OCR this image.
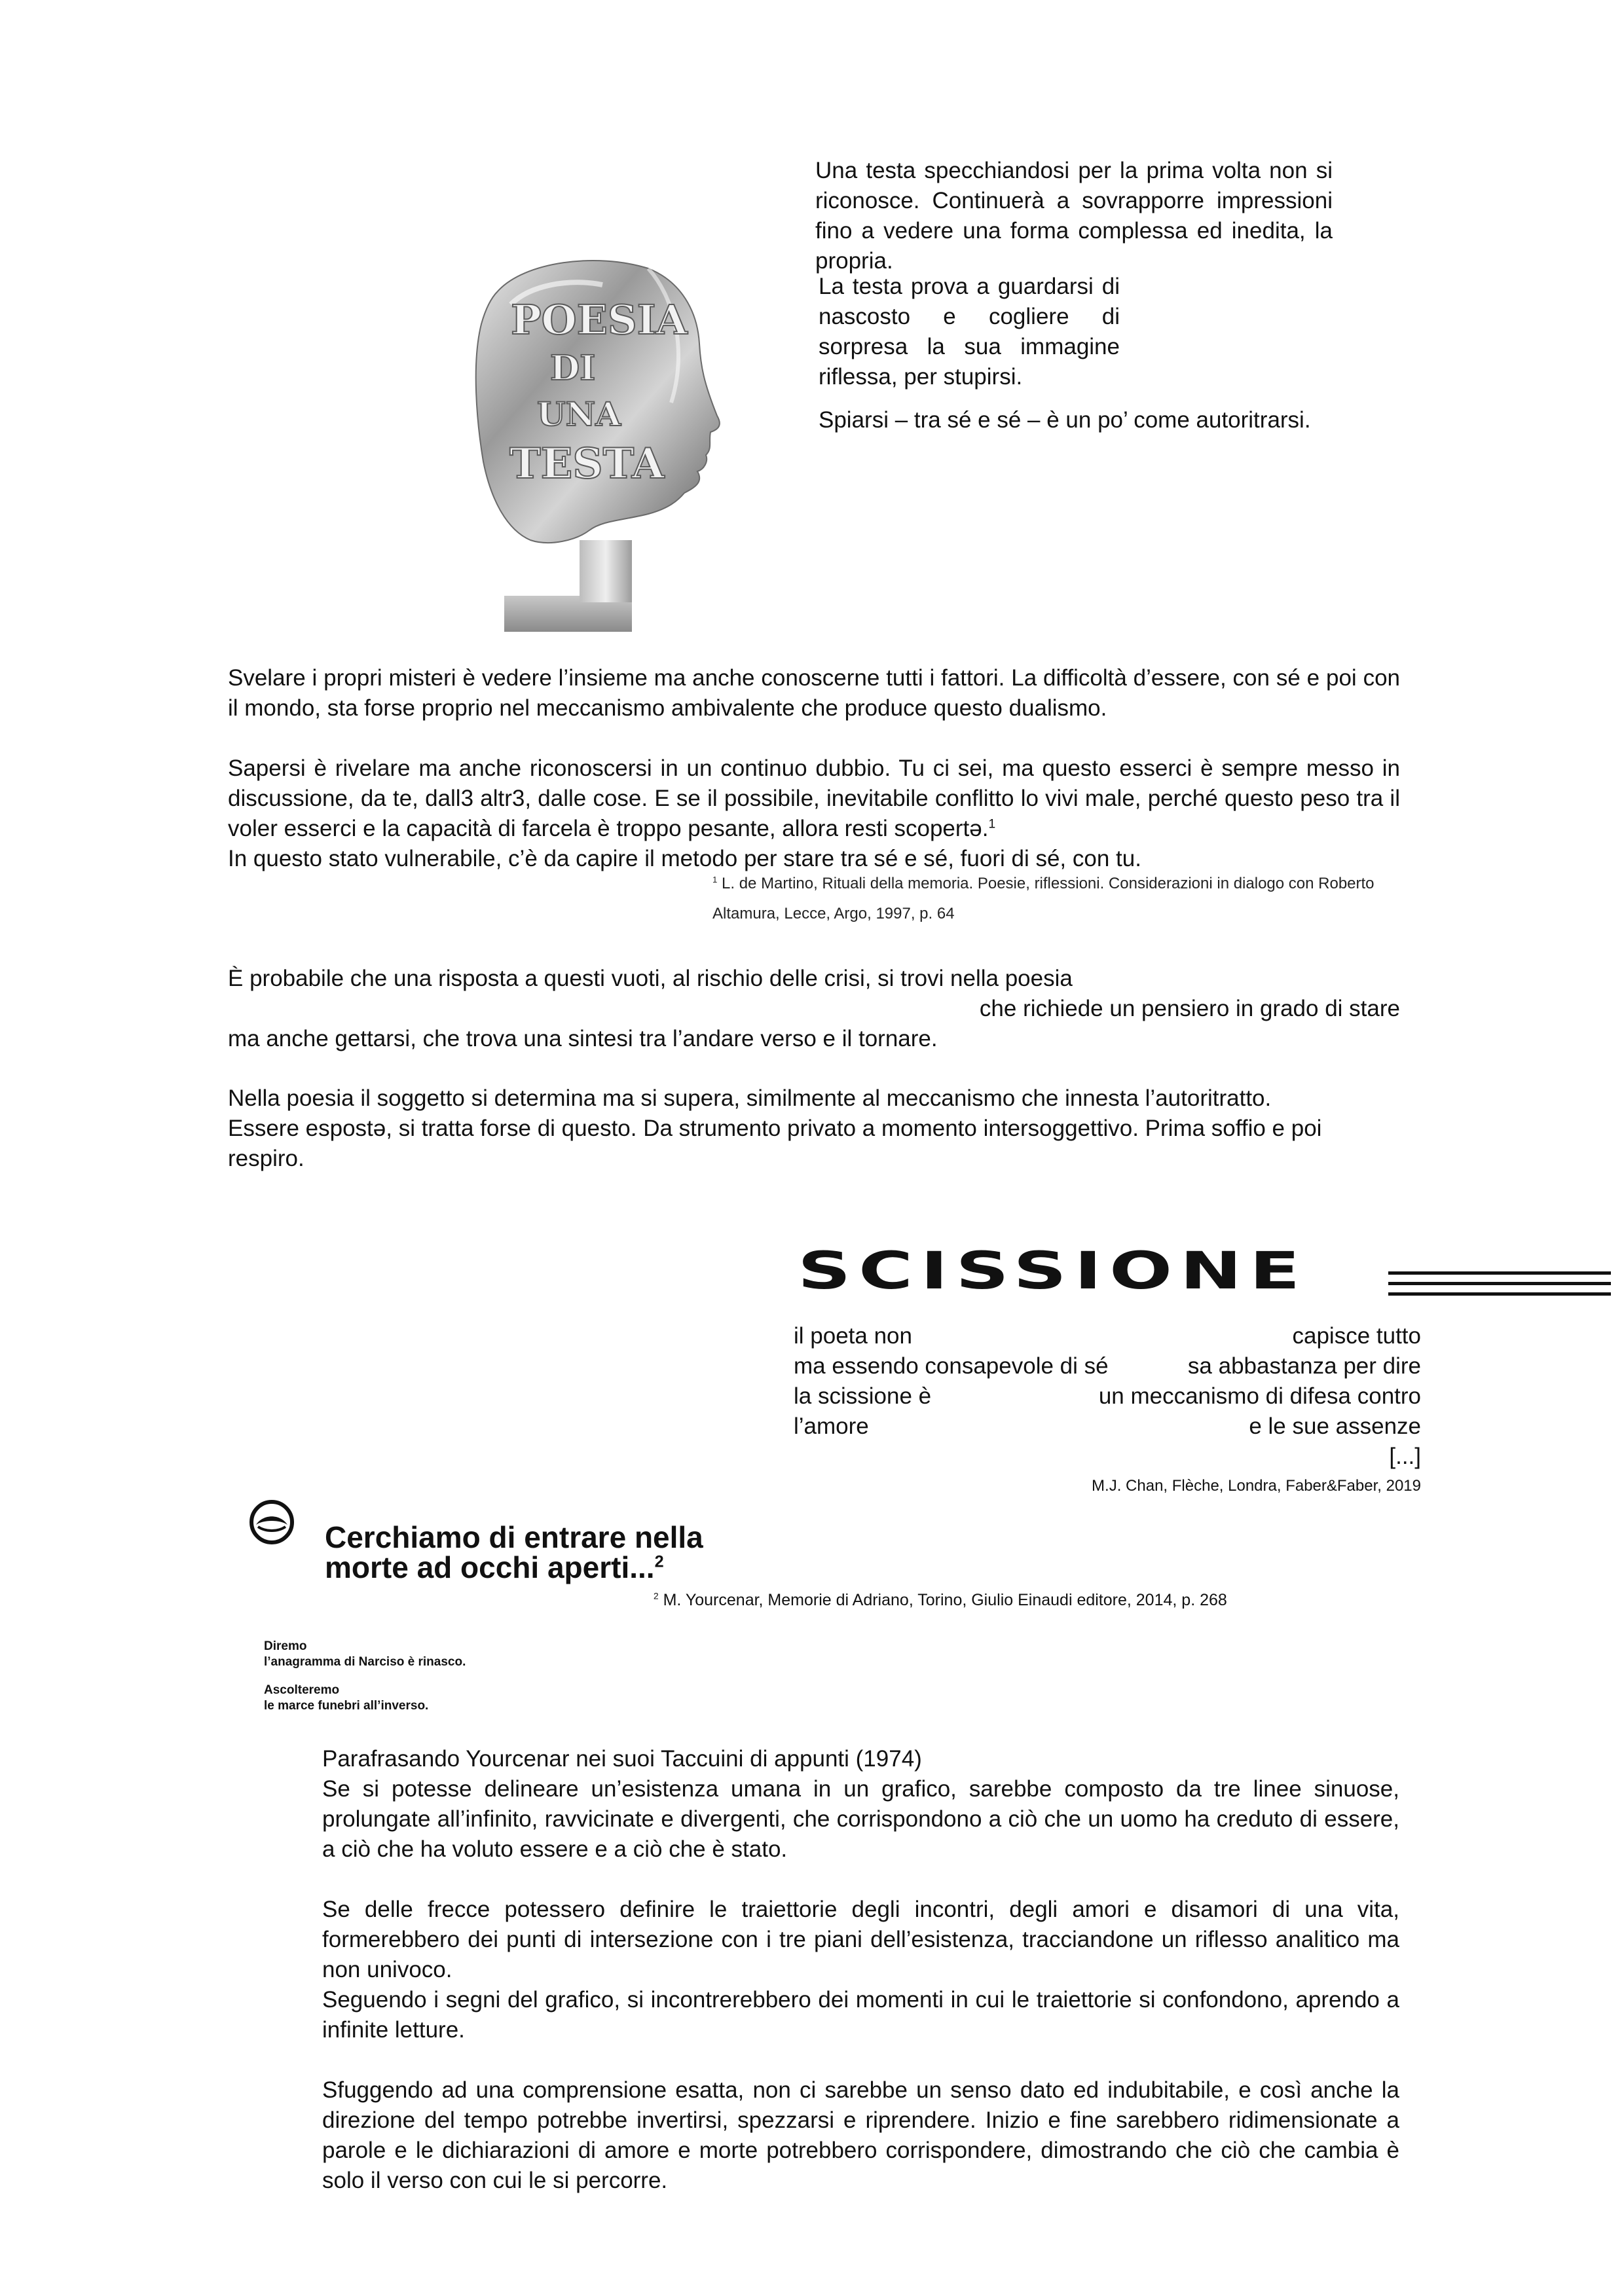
Una testa specchiandosi per la prima volta non si riconosce. Continuerà a sovrapporre impressioni fino a vedere una forma complessa ed inedita, la propria.

La testa prova a guardarsi di nascosto e cogliere di sorpresa la sua immagine riflessa, per stupirsi.

Spiarsi – tra sé e sé – è un po’ come autoritrarsi.

POESIA
DI
UNA
TESTA

Svelare i propri misteri è vedere l’insieme ma anche conoscerne tutti i fattori. La difficoltà d’essere, con sé e poi con il mondo, sta forse proprio nel meccanismo ambivalente che produce questo dualismo.

Sapersi è rivelare ma anche riconoscersi in un continuo dubbio. Tu ci sei, ma questo esserci è sempre messo in discussione, da te, dall3 altr3, dalle cose. E se il possibile, inevitabile conflitto lo vivi male, perché questo peso tra il voler esserci e la capacità di farcela è troppo pesante, allora resti scopertə.$^1$

In questo stato vulnerabile, c’è da capire il metodo per stare tra sé e sé, fuori di sé, con tu.

$^1$ L. de Martino, Rituali della memoria. Poesie, riflessioni. Considerazioni in dialogo con Roberto
Altamura, Lecce, Argo, 1997, p. 64

È probabile che una risposta a questi vuoti, al rischio delle crisi, si trovi nella poesia

che richiede un pensiero in grado di stare

ma anche gettarsi, che trova una sintesi tra l’andare verso e il tornare.

Nella poesia il soggetto si determina ma si supera, similmente al meccanismo che innesta l’autoritratto.

Essere espostə, si tratta forse di questo. Da strumento privato a momento intersoggettivo. Prima soffio e poi respiro.

SCISSIONE
il poeta non	capisce tutto
ma essendo consapevole di sé	sa abbastanza per dire
la scissione è	un meccanismo di difesa contro
l’amore	e le sue assenze
[...]
M.J. Chan, Flèche, Londra, Faber&Faber, 2019
Cerchiamo di entrare nella
morte ad occhi aperti...$^2$
$^2$ M. Yourcenar, Memorie di Adriano, Torino, Giulio Einaudi editore, 2014, p. 268
Diremo
l’anagramma di Narciso è rinasco.
Ascolteremo
le marce funebri all’inverso.

Parafrasando Yourcenar nei suoi Taccuini di appunti (1974)

Se si potesse delineare un’esistenza umana in un grafico, sarebbe composto da tre linee sinuose, prolungate all’infinito, ravvicinate e divergenti, che corrispondono a ciò che un uomo ha creduto di essere, a ciò che ha voluto essere e a ciò che è stato.

Se delle frecce potessero definire le traiettorie degli incontri, degli amori e disamori di una vita, formerebbero dei punti di intersezione con i tre piani dell’esistenza, tracciandone un riflesso analitico ma non univoco.

Seguendo i segni del grafico, si incontrerebbero dei momenti in cui le traiettorie si confondono, aprendo a infinite letture.

Sfuggendo ad una comprensione esatta, non ci sarebbe un senso dato ed indubitabile, e così anche la direzione del tempo potrebbe invertirsi, spezzarsi e riprendere. Inizio e fine sarebbero ridimensionate a parole e le dichiarazioni di amore e morte potrebbero corrispondere, dimostrando che ciò che cambia è solo il verso con cui le si percorre.
